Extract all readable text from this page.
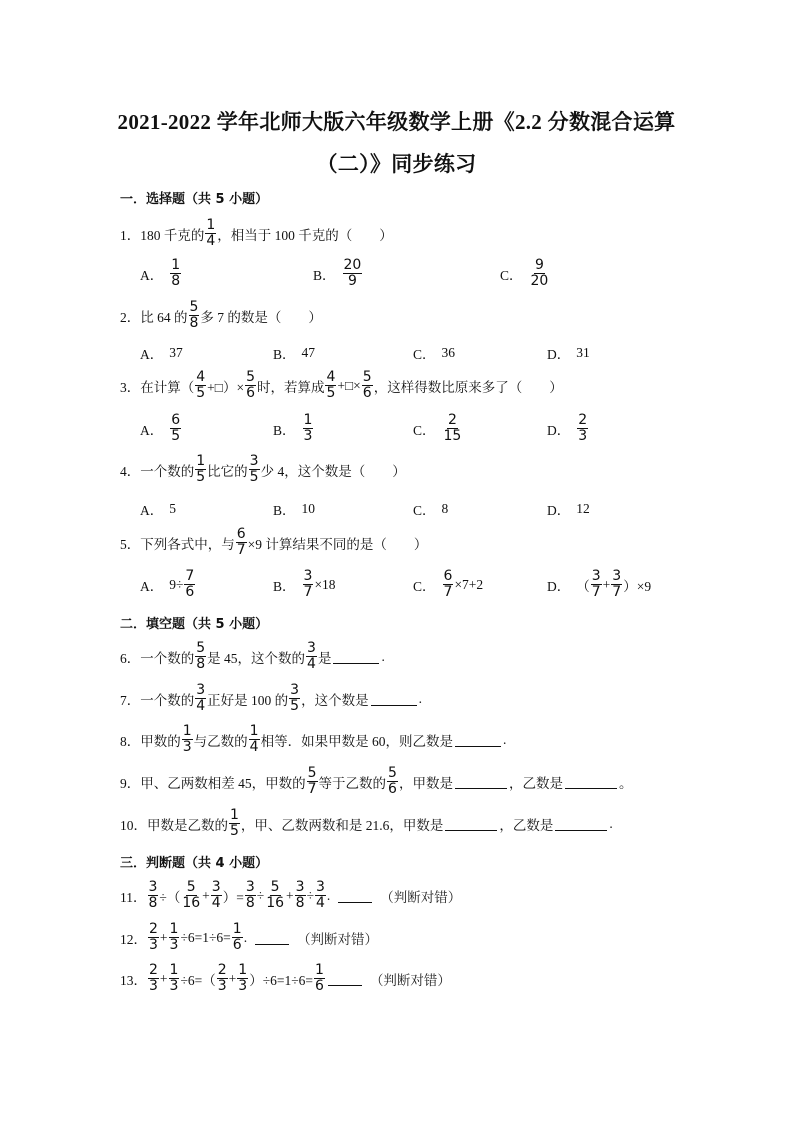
2021-2022 学年北师大版六年级数学上册《2.2 分数混合运算
（二）》同步练习
一．选择题（共 5 小题）
1． 180 千克的 $\frac{1}{4}$ ，相当于 100 千克的（　　）
A． $\frac{1}{8}$	B． $\frac{20}{9}$	C． $\frac{9}{20}$
2． 比 64 的 $\frac{5}{8}$ 多 7 的数是（　　）
A． 37	B． 47	C． 36	D． 31
3． 在计算（ $\frac{4}{5}$ +□）× $\frac{5}{6}$ 时，若算成 $\frac{4}{5}$ +□× $\frac{5}{6}$ ，这样得数比原来多了（　　）
A． $\frac{6}{5}$	B． $\frac{1}{3}$	C． $\frac{2}{15}$	D． $\frac{2}{3}$
4． 一个数的 $\frac{1}{5}$ 比它的 $\frac{3}{5}$ 少 4，这个数是（　　）
A． 5	B． 10	C． 8	D． 12
5． 下列各式中，与 $\frac{6}{7} \times 9$ 计算结果不同的是（　　）
A． $9\div \frac{7}{6}$	B． $\frac{3}{7} \times 18$	C． $\frac{6}{7} \times 7+2$	D． （ $\frac{3}{7} + \frac{3}{7} )\times 9$
二．填空题（共 5 小题）
6． 一个数的 $\frac{5}{8}$ 是 45，这个数的 $\frac{3}{4}$ 是	.
7． 一个数的 $\frac{3}{4}$ 正好是 100 的 $\frac{3}{5}$ ，这个数是	.
8． 甲数的 $\frac{1}{3}$ 与乙数的 $\frac{1}{4}$ 相等．如果甲数是 60，则乙数是	.
9． 甲、乙两数相差 45，甲数的 $\frac{5}{7}$ 等于乙数的 $\frac{5}{6}$ ，甲数是	，乙数是	。
10． 甲数是乙数的 $\frac{1}{5}$ ，甲、乙数两数和是 21.6，甲数是	，乙数是	.
三．判断题（共 4 小题）
11． $\frac{3}{8}$ ÷（ $\frac{5}{16} + \frac{3}{4}$ ）= $\frac{3}{8} \div \frac{5}{16} + \frac{3}{8} \div \frac{3}{4}$ .	（判断对错）
12． $\frac{2}{3} + \frac{1}{3} \div 6=1\div 6= \frac{1}{6}$ .	（判断对错）
13． $\frac{2}{3} + \frac{1}{3} \div 6=( \frac{2}{3} + \frac{1}{3} )\div 6=1\div 6= \frac{1}{6}$	（判断对错）
